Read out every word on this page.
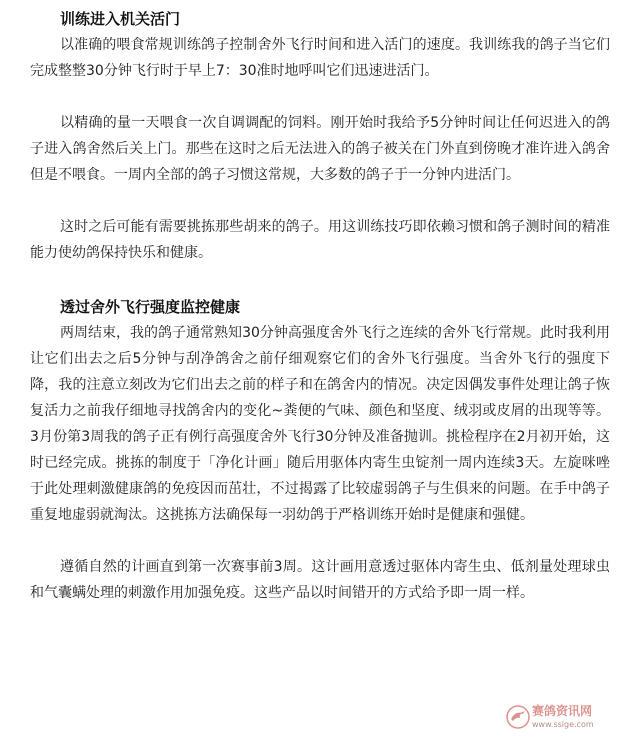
训练进入机关活门

以准确的喂食常规训练鸽子控制舍外飞行时间和进入活门的速度。我训练我的鸽子当它们完成整整30分钟飞行时于早上7：30准时地呼叫它们迅速进活门。

以精确的量一天喂食一次自调调配的饲料。刚开始时我给予5分钟时间让任何迟进入的鸽子进入鸽舍然后关上门。那些在这时之后无法进入的鸽子被关在门外直到傍晚才准许进入鸽舍但是不喂食。一周内全部的鸽子习惯这常规，大多数的鸽子于一分钟内进活门。

这时之后可能有需要挑拣那些胡来的鸽子。用这训练技巧即依赖习惯和鸽子测时间的精准能力使幼鸽保持快乐和健康。

透过舍外飞行强度监控健康

两周结束，我的鸽子通常熟知30分钟高强度舍外飞行之连续的舍外飞行常规。此时我利用让它们出去之后5分钟与刮净鸽舍之前仔细观察它们的舍外飞行强度。当舍外飞行的强度下降，我的注意立刻改为它们出去之前的样子和在鸽舍内的情况。决定因偶发事件处理让鸽子恢复活力之前我仔细地寻找鸽舍内的变化~粪便的气味、颜色和坚度、绒羽或皮屑的出现等等。3月份第3周我的鸽子正有例行高强度舍外飞行30分钟及准备抛训。挑检程序在2月初开始，这时已经完成。挑拣的制度于「净化计画」随后用驱体内寄生虫锭剂一周内连续3天。左旋咪唑于此处理刺激健康鸽的免疫因而茁壮，不过揭露了比较虚弱鸽子与生俱来的问题。在手中鸽子重复地虚弱就淘汰。这挑拣方法确保每一羽幼鸽于严格训练开始时是健康和强健。

遵循自然的计画直到第一次赛事前3周。这计画用意透过驱体内寄生虫、低剂量处理球虫和气囊螨处理的刺激作用加强免疫。这些产品以时间错开的方式给予即一周一样。

赛鸽资讯网
www.ssige.com
